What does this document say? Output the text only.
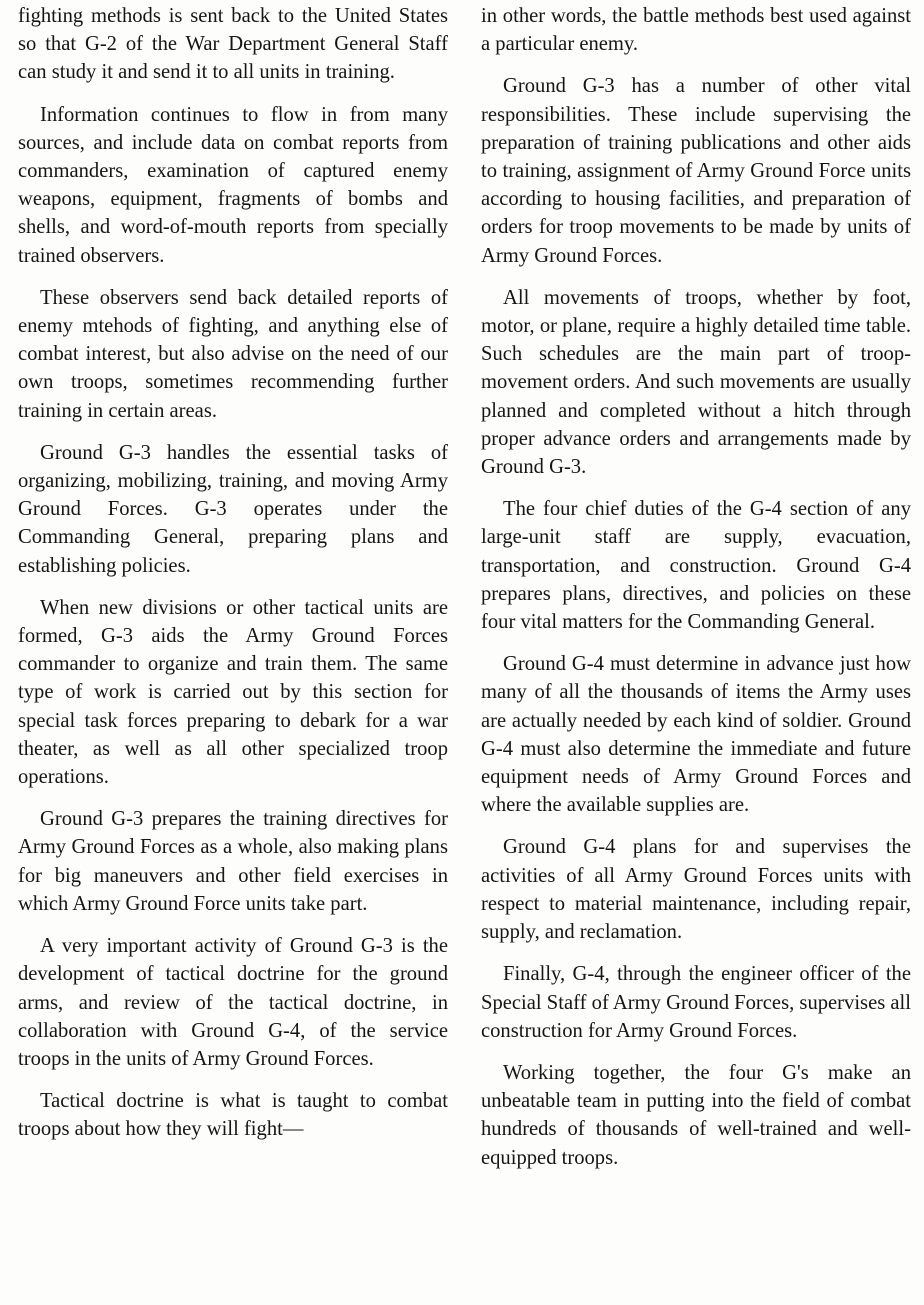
fighting methods is sent back to the United States so that G-2 of the War Department General Staff can study it and send it to all units in training.

Information continues to flow in from many sources, and include data on combat reports from commanders, examination of captured enemy weapons, equipment, fragments of bombs and shells, and word-of-mouth reports from specially trained observers.

These observers send back detailed reports of enemy mtehods of fighting, and anything else of combat interest, but also advise on the need of our own troops, sometimes recommending further training in certain areas.

Ground G-3 handles the essential tasks of organizing, mobilizing, training, and moving Army Ground Forces. G-3 operates under the Commanding General, preparing plans and establishing policies.

When new divisions or other tactical units are formed, G-3 aids the Army Ground Forces commander to organize and train them. The same type of work is carried out by this section for special task forces preparing to debark for a war theater, as well as all other specialized troop operations.

Ground G-3 prepares the training directives for Army Ground Forces as a whole, also making plans for big maneuvers and other field exercises in which Army Ground Force units take part.

A very important activity of Ground G-3 is the development of tactical doctrine for the ground arms, and review of the tactical doctrine, in collaboration with Ground G-4, of the service troops in the units of Army Ground Forces.

Tactical doctrine is what is taught to combat troops about how they will fight—

in other words, the battle methods best used against a particular enemy.

Ground G-3 has a number of other vital responsibilities. These include supervising the preparation of training publications and other aids to training, assignment of Army Ground Force units according to housing facilities, and preparation of orders for troop movements to be made by units of Army Ground Forces.

All movements of troops, whether by foot, motor, or plane, require a highly detailed time table. Such schedules are the main part of troop-movement orders. And such movements are usually planned and completed without a hitch through proper advance orders and arrangements made by Ground G-3.

The four chief duties of the G-4 section of any large-unit staff are supply, evacuation, transportation, and construction. Ground G-4 prepares plans, directives, and policies on these four vital matters for the Commanding General.

Ground G-4 must determine in advance just how many of all the thousands of items the Army uses are actually needed by each kind of soldier. Ground G-4 must also determine the immediate and future equipment needs of Army Ground Forces and where the available supplies are.

Ground G-4 plans for and supervises the activities of all Army Ground Forces units with respect to material maintenance, including repair, supply, and reclamation.

Finally, G-4, through the engineer officer of the Special Staff of Army Ground Forces, supervises all construction for Army Ground Forces.

Working together, the four G's make an unbeatable team in putting into the field of combat hundreds of thousands of well-trained and well-equipped troops.
